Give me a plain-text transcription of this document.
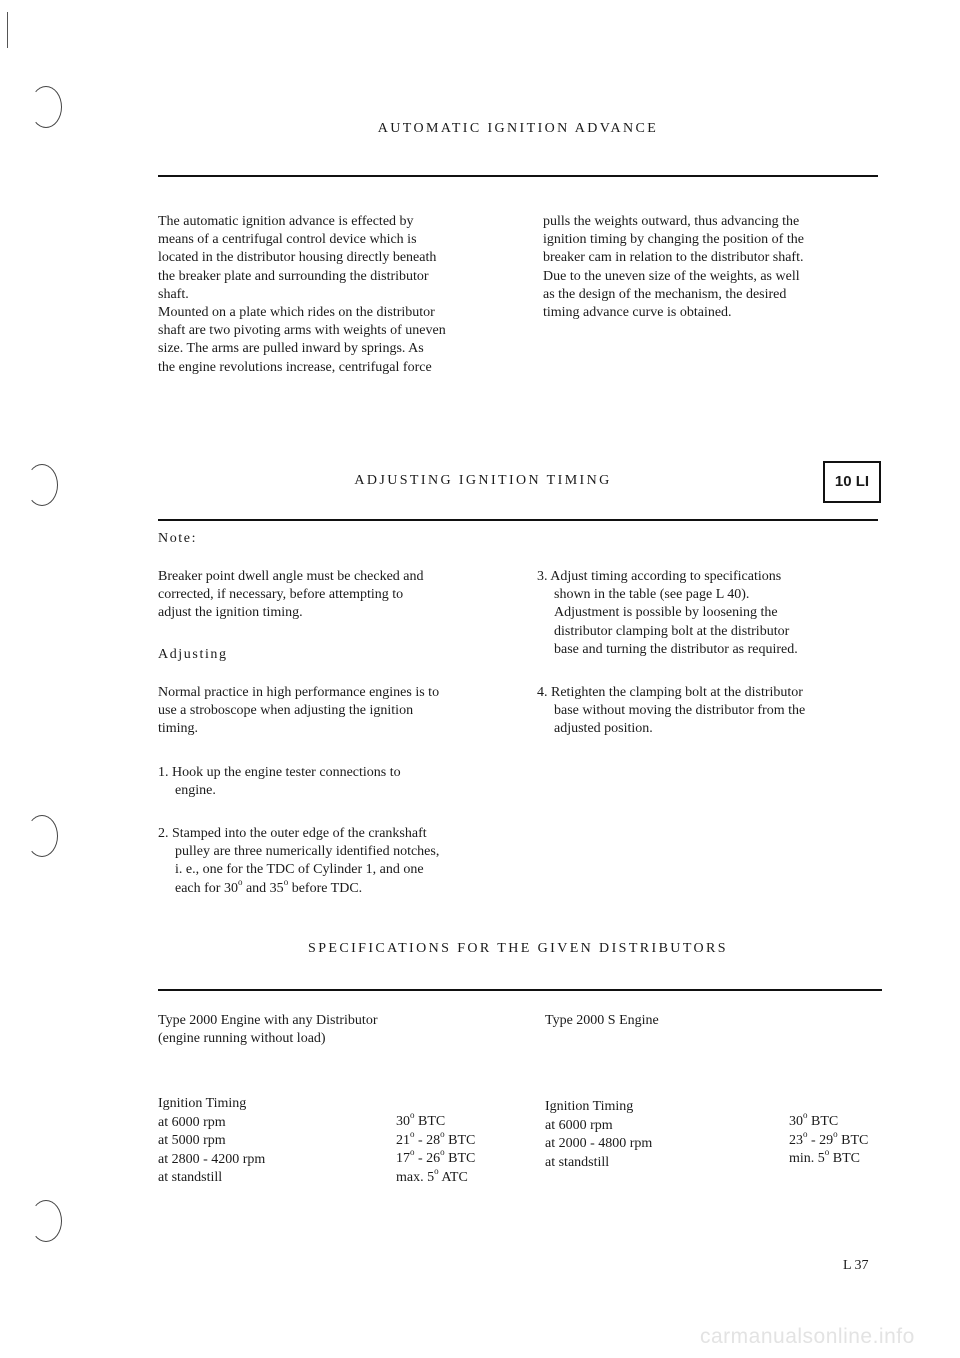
AUTOMATIC IGNITION ADVANCE
The automatic ignition advance is effected by
means of a centrifugal control device which is
located in the distributor housing directly beneath
the breaker plate and surrounding the distributor
shaft.
Mounted on a plate which rides on the distributor
shaft are two pivoting arms with weights of uneven
size. The arms are pulled inward by springs. As
the engine revolutions increase, centrifugal force
pulls the weights outward, thus advancing the
ignition timing by changing the position of the
breaker cam in relation to the distributor shaft.
Due to the uneven size of the weights, as well
as the design of the mechanism, the desired
timing advance curve is obtained.
ADJUSTING IGNITION TIMING	10 LI
Note:
Breaker point dwell angle must be checked and
corrected, if necessary, before attempting to
adjust the ignition timing.
Adjusting
Normal practice in high performance engines is to
use a stroboscope when adjusting the ignition
timing.
1. Hook up the engine tester connections to
engine.
2. Stamped into the outer edge of the crankshaft
pulley are three numerically identified notches,
i. e., one for the TDC of Cylinder 1, and one
each for 30$^o$ and 35$^o$ before TDC.
3. Adjust timing according to specifications
shown in the table (see page L 40).
Adjustment is possible by loosening the
distributor clamping bolt at the distributor
base and turning the distributor as required.
4. Retighten the clamping bolt at the distributor
base without moving the distributor from the
adjusted position.
SPECIFICATIONS FOR THE GIVEN DISTRIBUTORS
Type 2000 Engine with any Distributor
(engine running without load)
Ignition Timing
at 6000 rpm
at 5000 rpm
at 2800 - 4200 rpm
at standstill
30$^o$ BTC
21$^o$ - 28$^o$ BTC
17$^o$ - 26$^o$ BTC
max. 5$^o$ ATC
Type 2000 S Engine
Ignition Timing
at 6000 rpm
at 2000 - 4800 rpm
at standstill
30$^o$ BTC
23$^o$ - 29$^o$ BTC
min. 5$^o$ BTC
L 37
carmanualsonline.info
